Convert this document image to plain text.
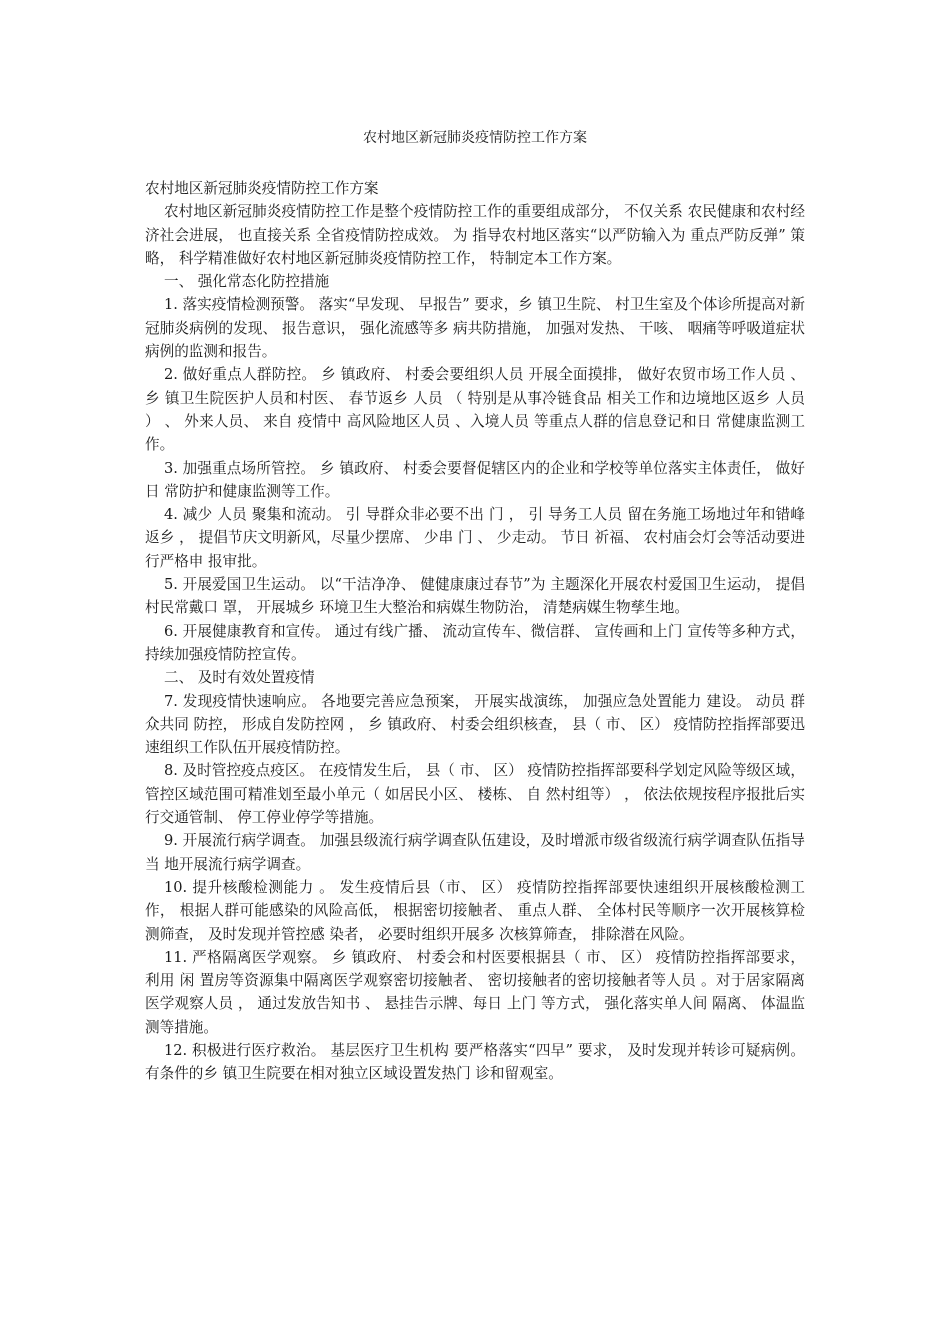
农村地区新冠肺炎疫情防控工作方案

农村地区新冠肺炎疫情防控工作方案

农村地区新冠肺炎疫情防控工作是整个疫情防控工作的重要组成部分， 不仅关系 农民健康和农村经济社会进展， 也直接关系 全省疫情防控成效。 为 指导农村地区落实“以严防输入为 重点严防反弹” 策略， 科学精准做好农村地区新冠肺炎疫情防控工作， 特制定本工作方案。

一、 强化常态化防控措施

1. 落实疫情检测预警。 落实“早发现、 早报告” 要求，乡 镇卫生院、 村卫生室及个体诊所提高对新冠肺炎病例的发现、 报告意识， 强化流感等多 病共防措施， 加强对发热、 干咳、 咽痛等呼吸道症状病例的监测和报告。

2. 做好重点人群防控。 乡 镇政府、 村委会要组织人员 开展全面摸排， 做好农贸市场工作人员 、 乡 镇卫生院医护人员和村医、 春节返乡 人员 （ 特别是从事冷链食品 相关工作和边境地区返乡 人员 ） 、 外来人员、 来自 疫情中 高风险地区人员 、入境人员 等重点人群的信息登记和日 常健康监测工作。

3. 加强重点场所管控。 乡 镇政府、 村委会要督促辖区内的企业和学校等单位落实主体责任， 做好日 常防护和健康监测等工作。

4. 减少 人员 聚集和流动。 引 导群众非必要不出 门 ， 引 导务工人员 留在务施工场地过年和错峰返乡 ， 提倡节庆文明新风，尽量少摆席、 少串 门 、 少走动。 节日 祈福、 农村庙会灯会等活动要进行严格申 报审批。

5. 开展爱国卫生运动。 以“干洁净净、 健健康康过春节”为 主题深化开展农村爱国卫生运动， 提倡村民常戴口 罩， 开展城乡 环境卫生大整治和病媒生物防治， 清楚病媒生物孳生地。

6. 开展健康教育和宣传。 通过有线广播、 流动宣传车、微信群、 宣传画和上门 宣传等多种方式， 持续加强疫情防控宣传。

二、 及时有效处置疫情

7. 发现疫情快速响应。 各地要完善应急预案， 开展实战演练， 加强应急处置能力 建设。 动员 群众共同 防控， 形成自发防控网 ， 乡 镇政府、 村委会组织核查， 县（ 市、 区） 疫情防控指挥部要迅速组织工作队伍开展疫情防控。

8. 及时管控疫点疫区。 在疫情发生后， 县（ 市、 区） 疫情防控指挥部要科学划定风险等级区域， 管控区域范围可精准划至最小单元（ 如居民小区、 楼栋、 自 然村组等） ， 依法依规按程序报批后实行交通管制、 停工停业停学等措施。

9. 开展流行病学调查。 加强县级流行病学调查队伍建设，及时增派市级省级流行病学调查队伍指导当 地开展流行病学调查。

10. 提升核酸检测能力 。 发生疫情后县（市、 区） 疫情防控指挥部要快速组织开展核酸检测工作， 根据人群可能感染的风险高低， 根据密切接触者、 重点人群、 全体村民等顺序一次开展核算检测筛查， 及时发现并管控感 染者， 必要时组织开展多 次核算筛查， 排除潜在风险。

11. 严格隔离医学观察。 乡 镇政府、 村委会和村医要根据县（ 市、 区） 疫情防控指挥部要求， 利用 闲 置房等资源集中隔离医学观察密切接触者、 密切接触者的密切接触者等人员 。对于居家隔离医学观察人员 ， 通过发放告知书 、 悬挂告示牌、每日 上门 等方式， 强化落实单人间 隔离、 体温监测等措施。

12. 积极进行医疗救治。 基层医疗卫生机构 要严格落实“四早” 要求， 及时发现并转诊可疑病例。 有条件的乡 镇卫生院要在相对独立区域设置发热门 诊和留观室。
